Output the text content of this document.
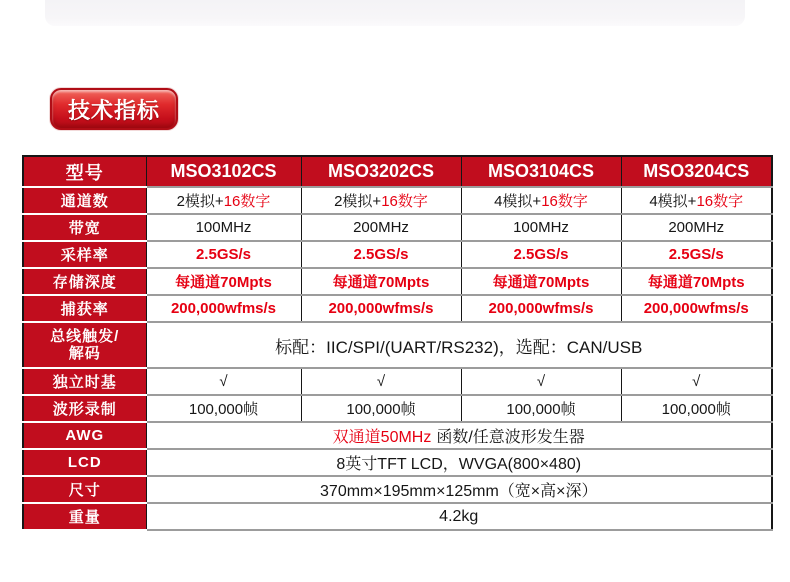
技术指标
型号	MSO3102CS	MSO3202CS	MSO3104CS	MSO3204CS
通道数	2模拟+16数字	2模拟+16数字	4模拟+16数字	4模拟+16数字
带宽	100MHz	200MHz	100MHz	200MHz
采样率	2.5GS/s	2.5GS/s	2.5GS/s	2.5GS/s
存储深度	每通道70Mpts	每通道70Mpts	每通道70Mpts	每通道70Mpts
捕获率	200,000wfms/s	200,000wfms/s	200,000wfms/s	200,000wfms/s

总线触发/
解码	标配：IIC/SPI/(UART/RS232)，选配：CAN/USB			
独立时基	√	√	√	√
波形录制	100,000帧	100,000帧	100,000帧	100,000帧
AWG	双通道50MHz 函数/任意波形发生器			
LCD	8英寸TFT LCD，WVGA(800×480)			
尺寸	370mm×195mm×125mm（宽×高×深）			
重量	4.2kg			
